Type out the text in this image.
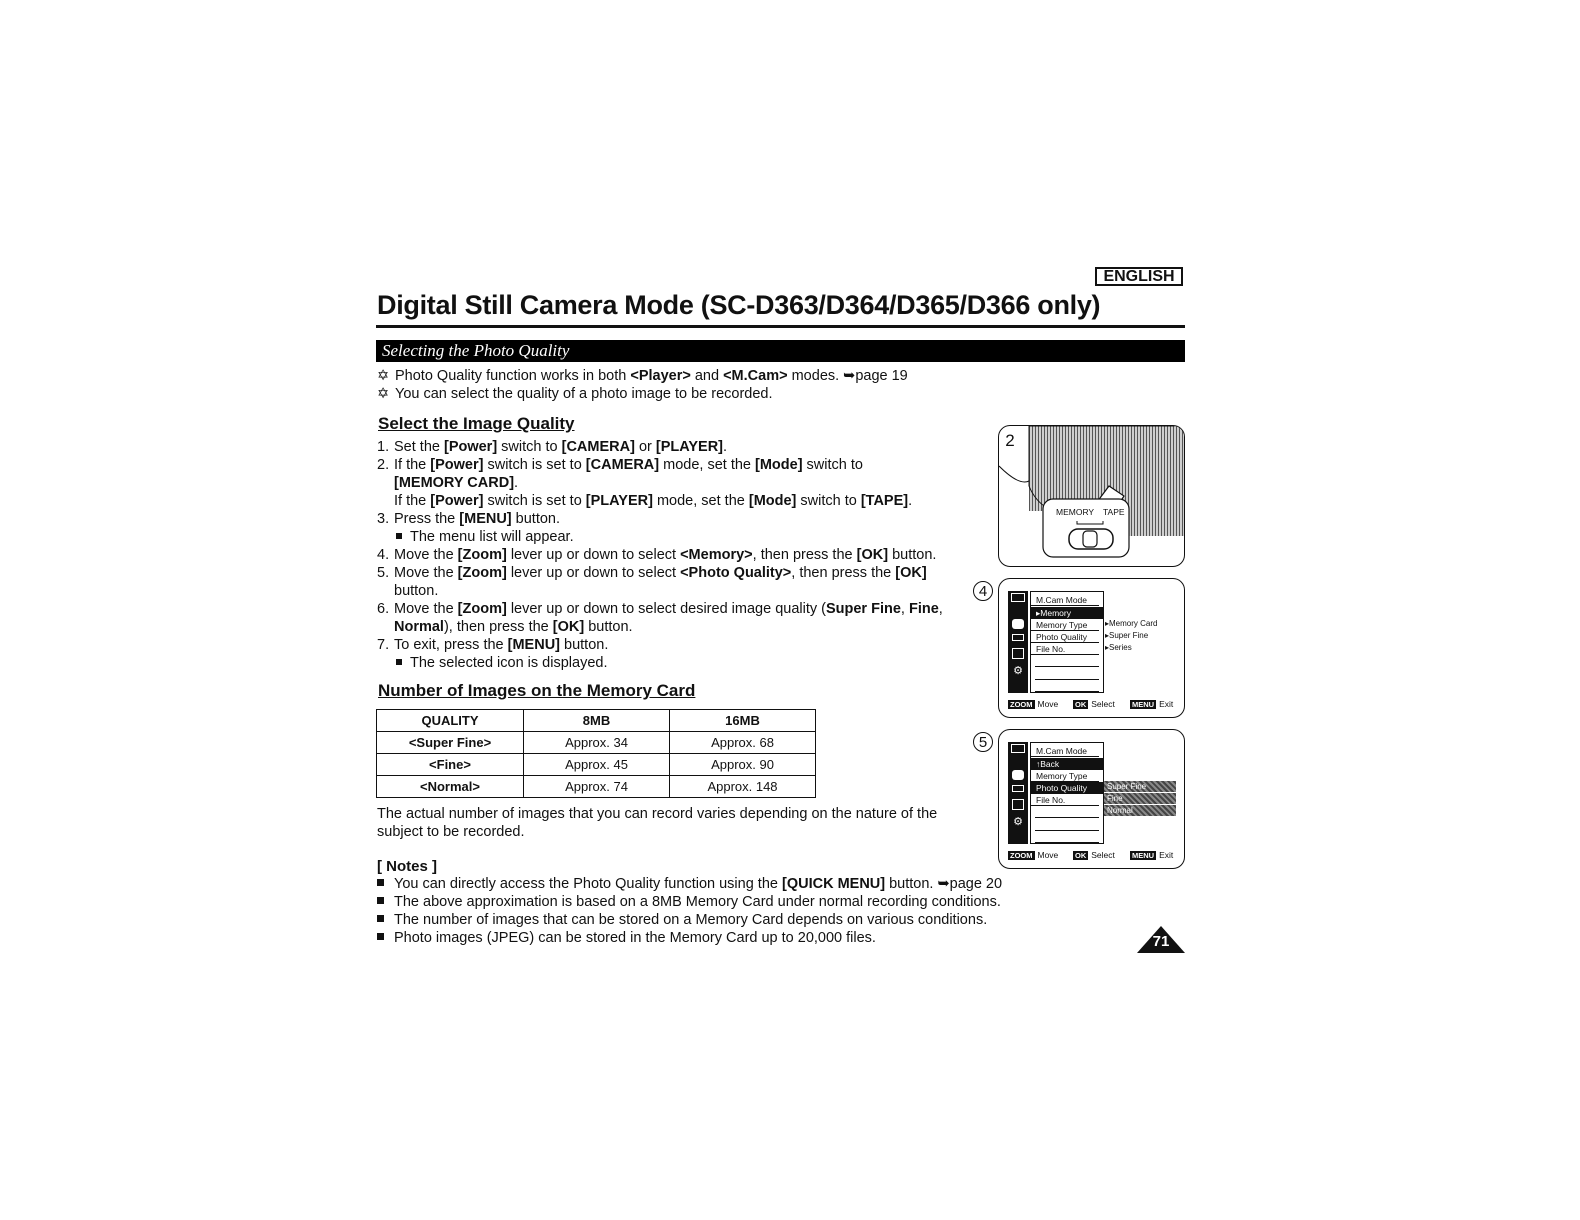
ENGLISH
Digital Still Camera Mode (SC-D363/D364/D365/D366 only)
Selecting the Photo Quality
✡ Photo Quality function works in both <Player> and <M.Cam> modes. ➥page 19
✡ You can select the quality of a photo image to be recorded.
Select the Image Quality
1. Set the [Power] switch to [CAMERA] or [PLAYER].
2. If the [Power] switch is set to [CAMERA] mode, set the [Mode] switch to
[MEMORY CARD].
If the [Power] switch is set to [PLAYER] mode, set the [Mode] switch to [TAPE].
3. Press the [MENU] button.
The menu list will appear.
4. Move the [Zoom] lever up or down to select <Memory>, then press the [OK] button.
5. Move the [Zoom] lever up or down to select <Photo Quality>, then press the [OK]
button.
6. Move the [Zoom] lever up or down to select desired image quality (Super Fine, Fine,
Normal), then press the [OK] button.
7. To exit, press the [MENU] button.
The selected icon is displayed.
Number of Images on the Memory Card
QUALITY	8MB	16MB
<Super Fine>	Approx. 34	Approx. 68
<Fine>	Approx. 45	Approx. 90
<Normal>	Approx. 74	Approx. 148
The actual number of images that you can record varies depending on the nature of the subject to be recorded.
[ Notes ]
You can directly access the Photo Quality function using the [QUICK MENU] button. ➥page 20
The above approximation is based on a 8MB Memory Card under normal recording conditions.
The number of images that can be stored on a Memory Card depends on various conditions.
Photo images (JPEG) can be stored in the Memory Card up to 20,000 files.
2
MEMORY TAPE
4
⚙
M.Cam Mode
▸Memory
Memory Type
Photo Quality
File No.
▸Memory Card
▸Super Fine
▸Series
ZOOM Move OK Select MENU Exit
5
⚙
M.Cam Mode
↑Back
Memory Type
Photo Quality
File No.
Super Fine
Fine
Normal
ZOOM Move OK Select MENU Exit
71
